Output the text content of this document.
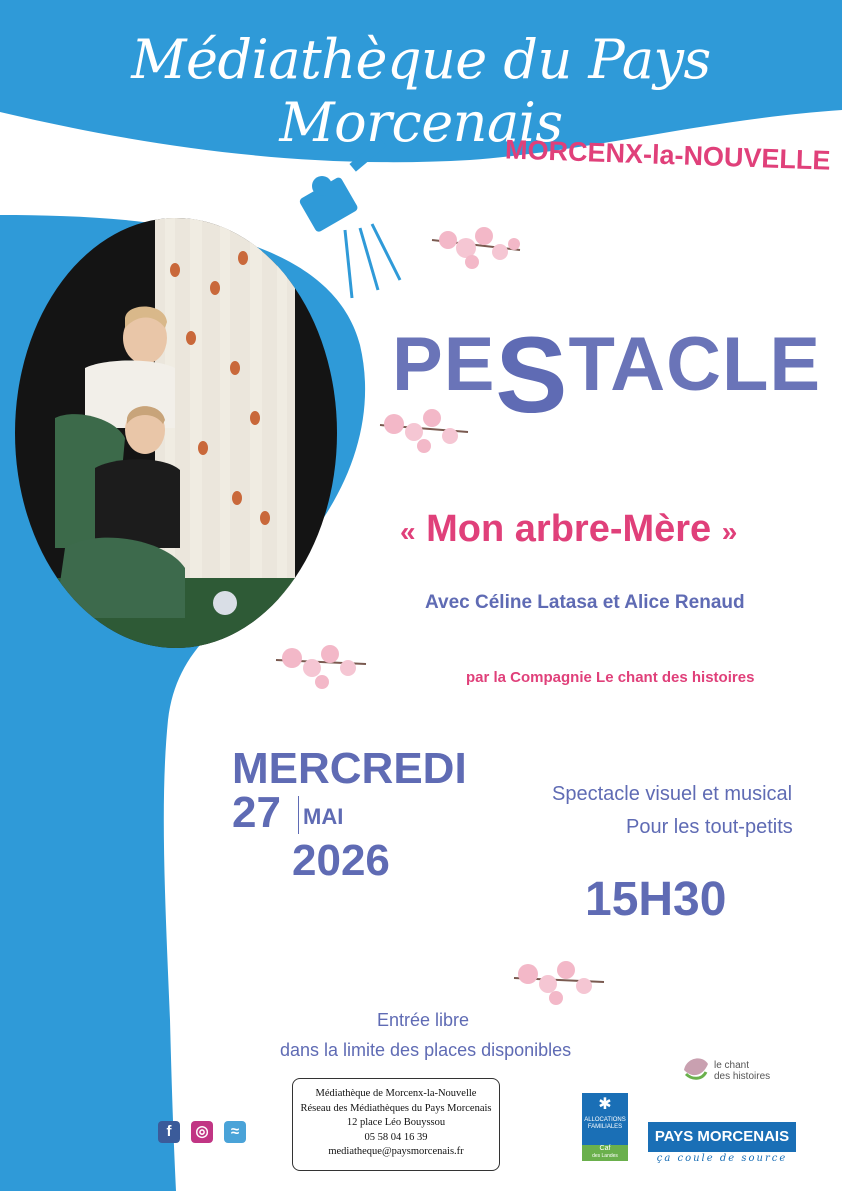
Médiathèque du Pays Morcenais
MORCENX-la-NOUVELLE
PESTACLE
« Mon arbre-Mère »
Avec Céline Latasa et Alice Renaud
par la Compagnie Le chant des histoires
MERCREDI
27 MAI
2026
Spectacle visuel et musical
Pour les tout-petits
15H30
Entrée libre
dans la limite des places disponibles
Médiathèque de Morcenx-la-Nouvelle
Réseau des Médiathèques du Pays Morcenais
12 place Léo Bouyssou
05 58 04 16 39
mediatheque@paysmorcenais.fr
f	◎	≈
le chant
des histoires
✱
ALLOCATIONS FAMILIALES
Caf
des Landes
PAYS MORCENAIS
ça coule de source
